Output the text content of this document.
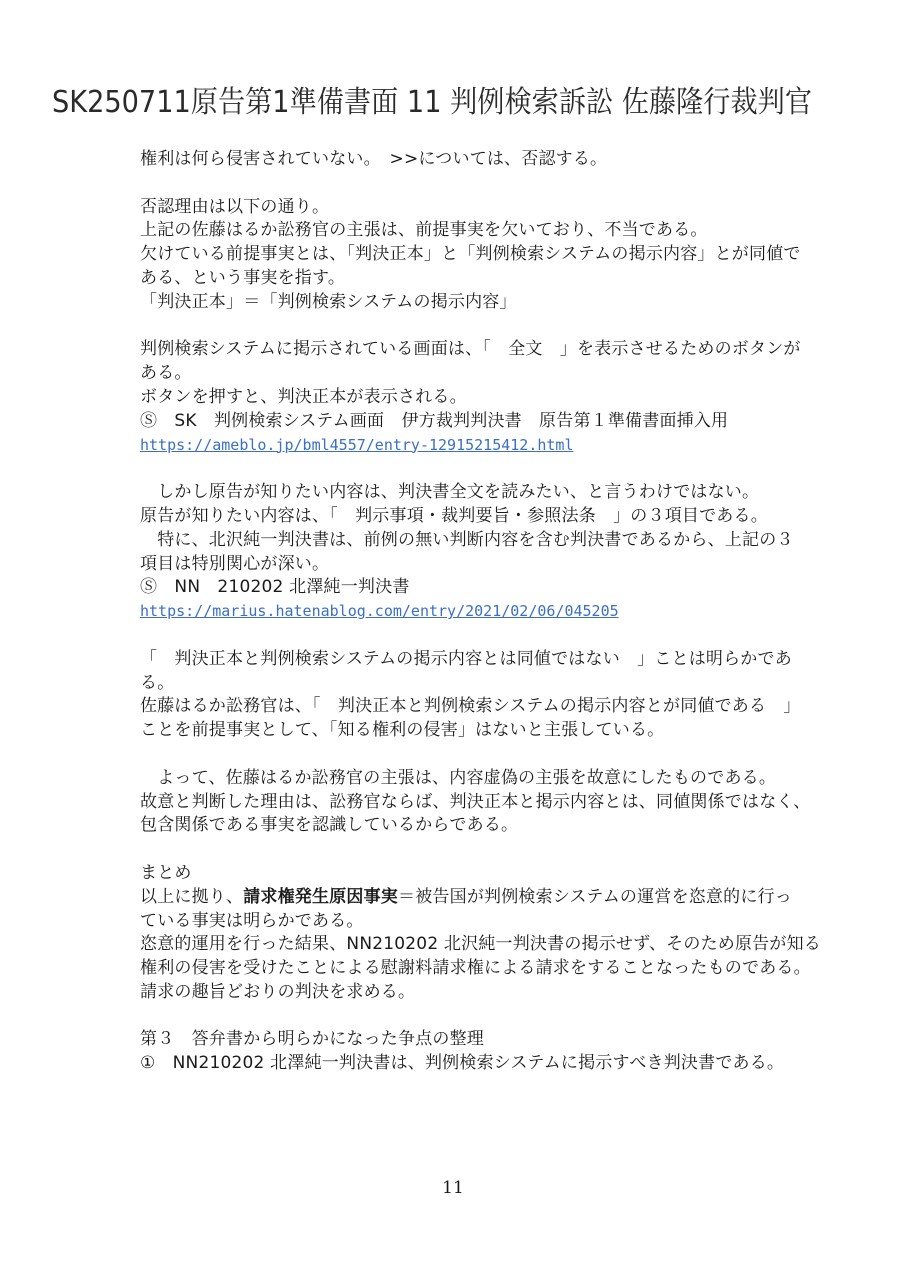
SK250711原告第1準備書面 11 判例検索訴訟 佐藤隆行裁判官

権利は何ら侵害されていない。　>>については、否認する。

否認理由は以下の通り。

上記の佐藤はるか訟務官の主張は、前提事実を欠いており、不当である。

欠けている前提事実とは、「判決正本」と「判例検索システムの掲示内容」とが同値で

ある、という事実を指す。

「判決正本」＝「判例検索システムの掲示内容」

判例検索システムに掲示されている画面は、「　全文　」を表示させるためのボタンが

ある。

ボタンを押すと、判決正本が表示される。

Ⓢ　SK　判例検索システム画面　伊方裁判判決書　原告第１準備書面挿入用

https://ameblo.jp/bml4557/entry-12915215412.html

　しかし原告が知りたい内容は、判決書全文を読みたい、と言うわけではない。

原告が知りたい内容は、「　判示事項・裁判要旨・参照法条　」の３項目である。

　特に、北沢純一判決書は、前例の無い判断内容を含む判決書であるから、上記の３

項目は特別関心が深い。

Ⓢ　NN　210202 北澤純一判決書

https://marius.hatenablog.com/entry/2021/02/06/045205

「　判決正本と判例検索システムの掲示内容とは同値ではない　」ことは明らかであ

る。

佐藤はるか訟務官は、「　判決正本と判例検索システムの掲示内容とが同値である　」

ことを前提事実として、「知る権利の侵害」はないと主張している。

　よって、佐藤はるか訟務官の主張は、内容虚偽の主張を故意にしたものである。

故意と判断した理由は、訟務官ならば、判決正本と掲示内容とは、同値関係ではなく、

包含関係である事実を認識しているからである。

まとめ

以上に拠り、請求権発生原因事実＝被告国が判例検索システムの運営を恣意的に行っ

ている事実は明らかである。

恣意的運用を行った結果、NN210202 北沢純一判決書の掲示せず、そのため原告が知る

権利の侵害を受けたことによる慰謝料請求権による請求をすることなったものである。

請求の趣旨どおりの判決を求める。

第３　答弁書から明らかになった争点の整理

①　NN210202 北澤純一判決書は、判例検索システムに掲示すべき判決書である。

11
